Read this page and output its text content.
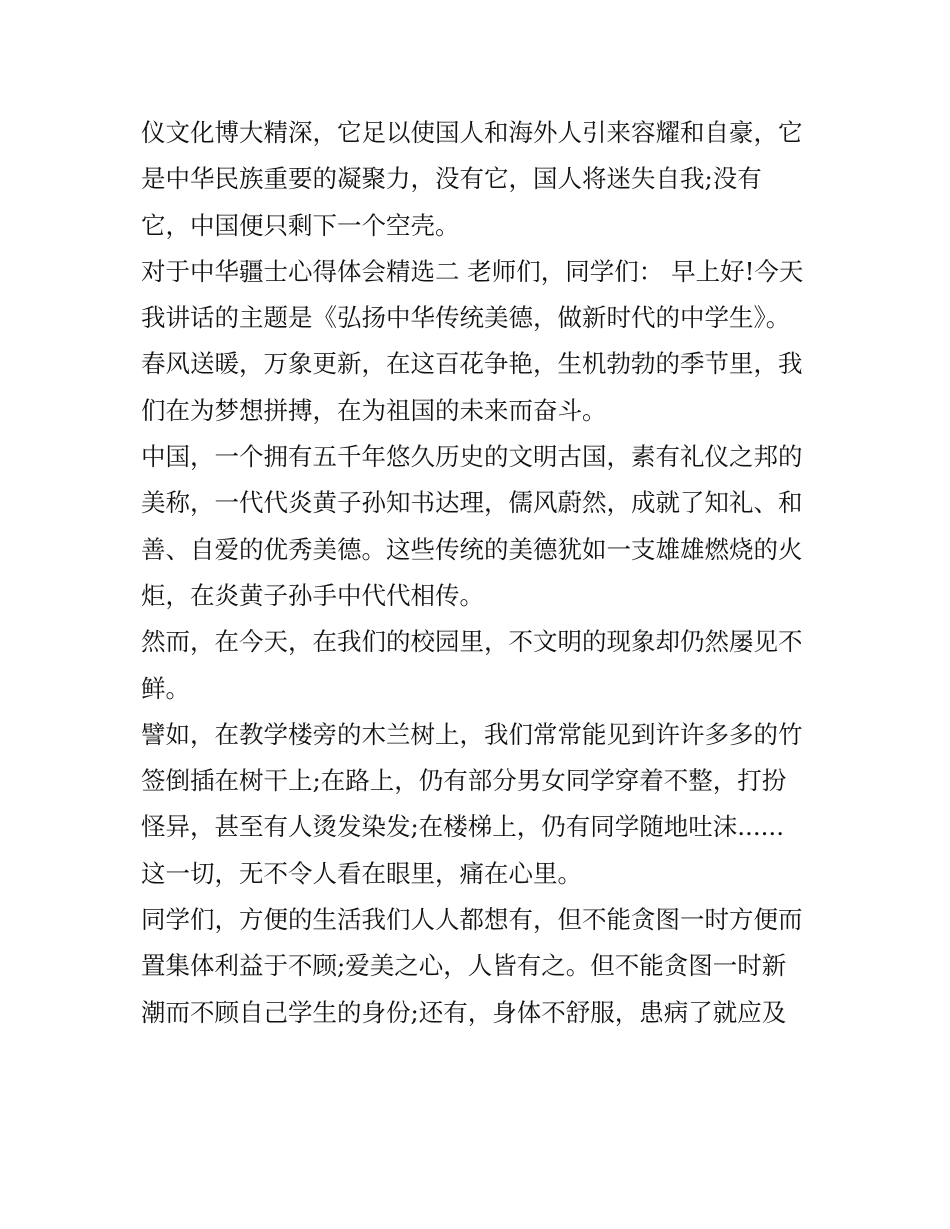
仪文化博大精深，它足以使国人和海外人引来容耀和自豪，它
是中华民族重要的凝聚力，没有它，国人将迷失自我;没有
它，中国便只剩下一个空壳。
对于中华疆士心得体会精选二 老师们，同学们： 早上好!今天
我讲话的主题是《弘扬中华传统美德，做新时代的中学生》。
春风送暖，万象更新，在这百花争艳，生机勃勃的季节里，我
们在为梦想拼搏，在为祖国的未来而奋斗。
中国，一个拥有五千年悠久历史的文明古国，素有礼仪之邦的
美称，一代代炎黄子孙知书达理，儒风蔚然，成就了知礼、和
善、自爱的优秀美德。这些传统的美德犹如一支雄雄燃烧的火
炬，在炎黄子孙手中代代相传。
然而，在今天，在我们的校园里，不文明的现象却仍然屡见不
鲜。
譬如，在教学楼旁的木兰树上，我们常常能见到许许多多的竹
签倒插在树干上;在路上，仍有部分男女同学穿着不整，打扮
怪异，甚至有人烫发染发;在楼梯上，仍有同学随地吐沫......
这一切，无不令人看在眼里，痛在心里。
同学们，方便的生活我们人人都想有，但不能贪图一时方便而
置集体利益于不顾;爱美之心，人皆有之。但不能贪图一时新
潮而不顾自己学生的身份;还有，身体不舒服，患病了就应及
